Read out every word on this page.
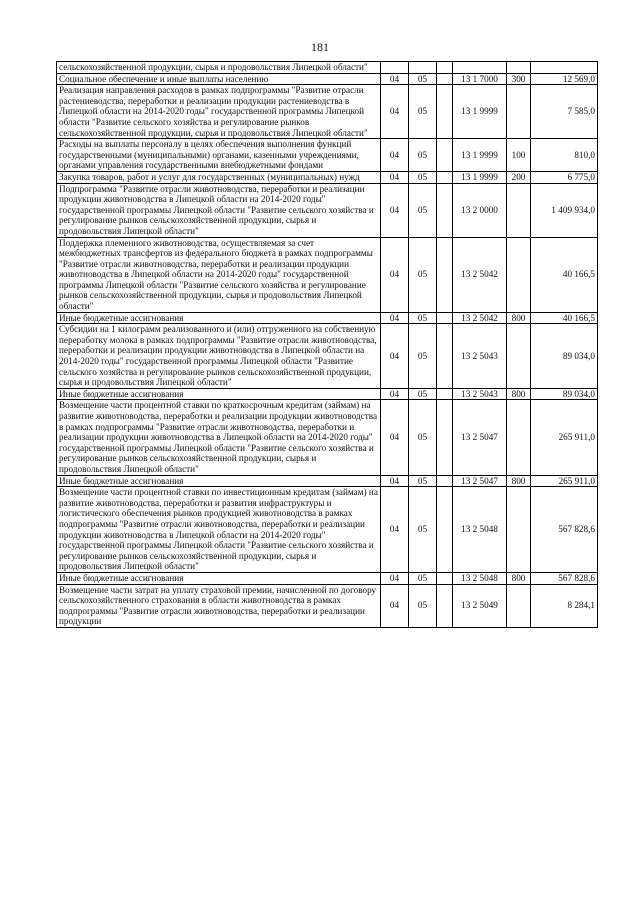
181
сельскохозяйственной продукции, сырья и продовольствия Липецкой области"						
Социальное обеспечение и иные выплаты населению	04	05		13 1 7000	300	12 569,0
Реализация направления расходов в рамках подпрограммы "Развитие отрасли растениеводства, переработки и реализации продукции растениеводства в Липецкой области на 2014-2020 годы" государственной программы Липецкой области "Развитие сельского хозяйства и регулирование рынков сельскохозяйственной продукции, сырья и продовольствия Липецкой области"	04	05		13 1 9999		7 585,0
Расходы на выплаты персоналу в целях обеспечения выполнения функций государственными (муниципальными) органами, казенными учреждениями, органами управления государственными внебюджетными фондами	04	05		13 1 9999	100	810,0
Закупка товаров, работ и услуг для государственных (муниципальных) нужд	04	05		13 1 9999	200	6 775,0
Подпрограмма "Развитие отрасли животноводства, переработки и реализации продукции животноводства в Липецкой области на 2014-2020 годы" государственной программы Липецкой области "Развитие сельского хозяйства и регулирование рынков сельскохозяйственной продукции, сырья и продовольствия Липецкой области"	04	05		13 2 0000		1 409 934,0
Поддержка племенного животноводства, осуществляемая за счет межбюджетных трансфертов из федерального бюджета в рамках подпрограммы "Развитие отрасли животноводства, переработки и реализации продукции животноводства в Липецкой области на 2014-2020 годы" государственной программы Липецкой области "Развитие сельского хозяйства и регулирование рынков сельскохозяйственной продукции, сырья и продовольствия Липецкой области"	04	05		13 2 5042		40 166,5
Иные бюджетные ассигнования	04	05		13 2 5042	800	40 166,5
Субсидии на 1 килограмм реализованного и (или) отгруженного на собственную переработку молока в рамках подпрограммы "Развитие отрасли животноводства, переработки и реализации продукции животноводства в Липецкой области на 2014-2020 годы" государственной программы Липецкой области "Развитие сельского хозяйства и регулирование рынков сельскохозяйственной продукции, сырья и продовольствия Липецкой области"	04	05		13 2 5043		89 034,0
Иные бюджетные ассигнования	04	05		13 2 5043	800	89 034,0
Возмещение части процентной ставки по краткосрочным кредитам (займам) на развитие животноводства, переработки и реализации продукции животноводства в рамках подпрограммы "Развитие отрасли животноводства, переработки и реализации продукции животноводства в Липецкой области на 2014-2020 годы" государственной программы Липецкой области "Развитие сельского хозяйства и регулирование рынков сельскохозяйственной продукции, сырья и продовольствия Липецкой области"	04	05		13 2 5047		265 911,0
Иные бюджетные ассигнования	04	05		13 2 5047	800	265 911,0
Возмещение части процентной ставки по инвестиционным кредитам (займам) на развитие животноводства, переработки и развития инфраструктуры и логистического обеспечения рынков продукцией животноводства в рамках подпрограммы "Развитие отрасли животноводства, переработки и реализации продукции животноводства в Липецкой области на 2014-2020 годы" государственной программы Липецкой области "Развитие сельского хозяйства и регулирование рынков сельскохозяйственной продукции, сырья и продовольствия Липецкой области"	04	05		13 2 5048		567 828,6
Иные бюджетные ассигнования	04	05		13 2 5048	800	567 828,6
Возмещение части затрат на уплату страховой премии, начисленной по договору сельскохозяйственного страхования в области животноводства в рамках подпрограммы "Развитие отрасли животноводства, переработки и реализации продукции	04	05		13 2 5049		8 284,1
